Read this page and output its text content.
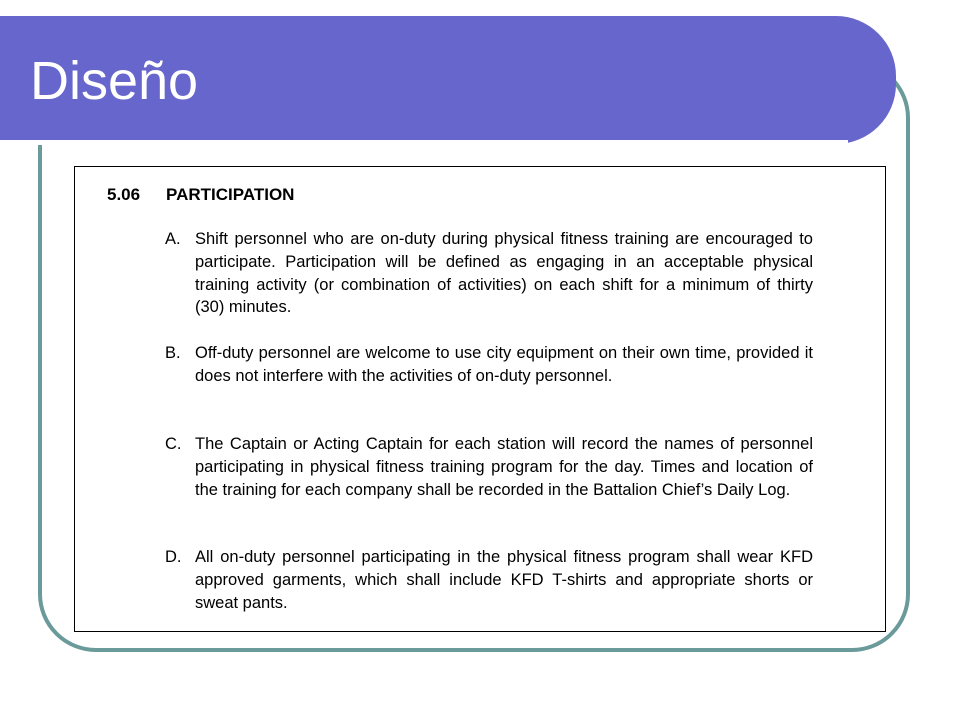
Diseño
5.06 PARTICIPATION
A. Shift personnel who are on-duty during physical fitness training are encouraged to participate. Participation will be defined as engaging in an acceptable physical training activity (or combination of activities) on each shift for a minimum of thirty (30) minutes.
B. Off-duty personnel are welcome to use city equipment on their own time, provided it does not interfere with the activities of on-duty personnel.
C. The Captain or Acting Captain for each station will record the names of personnel participating in physical fitness training program for the day. Times and location of the training for each company shall be recorded in the Battalion Chief’s Daily Log.
D. All on-duty personnel participating in the physical fitness program shall wear KFD approved garments, which shall include KFD T-shirts and appropriate shorts or sweat pants.
